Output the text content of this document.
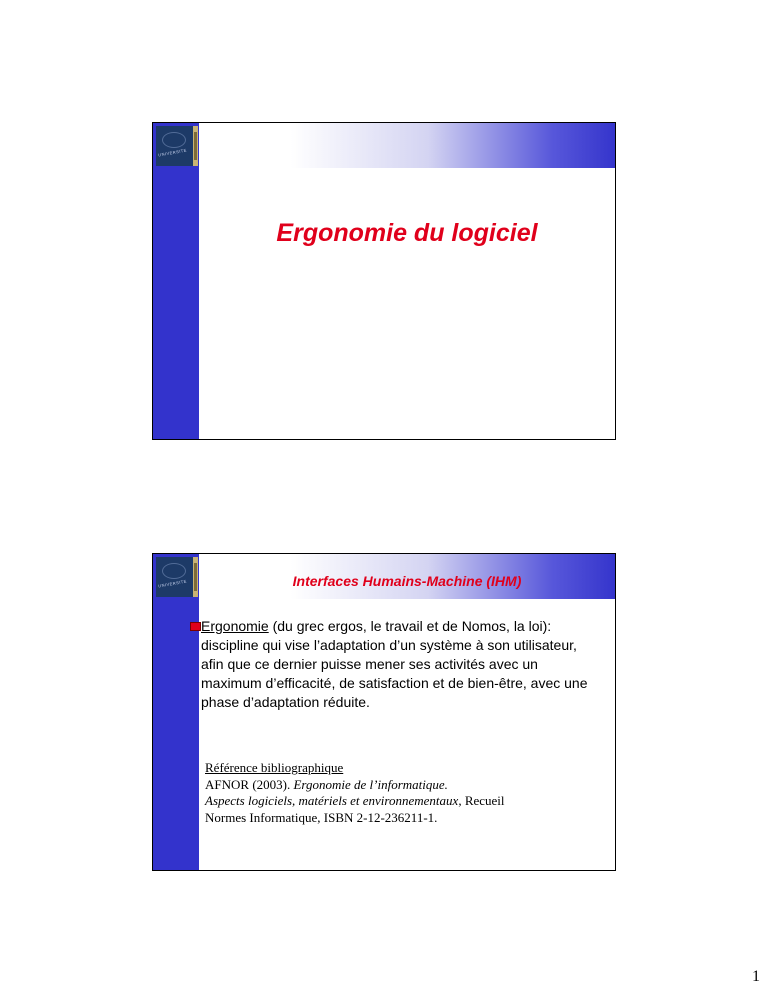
UNIVERSITE
Ergonomie du logiciel
UNIVERSITE	Interfaces Humains-Machine (IHM)
Ergonomie (du grec ergos, le travail et de Nomos, la loi): discipline qui vise l’adaptation d’un système à son utilisateur, afin que ce dernier puisse mener ses activités avec un maximum d’efficacité, de satisfaction et de bien-être, avec une phase d’adaptation réduite.
Référence bibliographique
AFNOR (2003). Ergonomie de l’informatique.
Aspects logiciels, matériels et environnementaux, Recueil
Normes Informatique, ISBN 2-12-236211-1.
1
